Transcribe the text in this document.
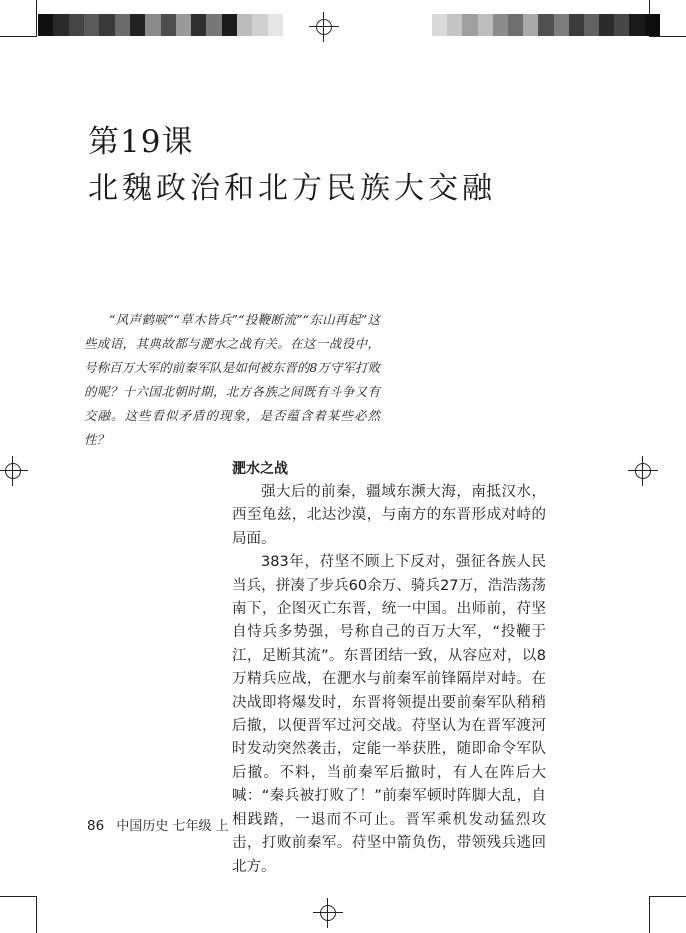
第19课
北魏政治和北方民族大交融
“风声鹤唳”“草木皆兵”“投鞭断流”“东山再起”这些成语，其典故都与淝水之战有关。在这一战役中，号称百万大军的前秦军队是如何被东晋的8万守军打败的呢？十六国北朝时期，北方各族之间既有斗争又有交融。这些看似矛盾的现象，是否蕴含着某些必然性？
淝水之战

强大后的前秦，疆域东濒大海，南抵汉水，西至龟兹，北达沙漠，与南方的东晋形成对峙的局面。

383年，苻坚不顾上下反对，强征各族人民当兵，拼凑了步兵60余万、骑兵27万，浩浩荡荡南下，企图灭亡东晋，统一中国。出师前，苻坚自恃兵多势强，号称自己的百万大军，“投鞭于江，足断其流”。东晋团结一致，从容应对，以8万精兵应战，在淝水与前秦军前锋隔岸对峙。在决战即将爆发时，东晋将领提出要前秦军队稍稍后撤，以便晋军过河交战。苻坚认为在晋军渡河时发动突然袭击，定能一举获胜，随即命令军队后撤。不料，当前秦军后撤时，有人在阵后大喊：“秦兵被打败了！”前秦军顿时阵脚大乱，自相践踏，一退而不可止。晋军乘机发动猛烈攻击，打败前秦军。苻坚中箭负伤，带领残兵逃回北方。

86 中国历史 七年级 上
